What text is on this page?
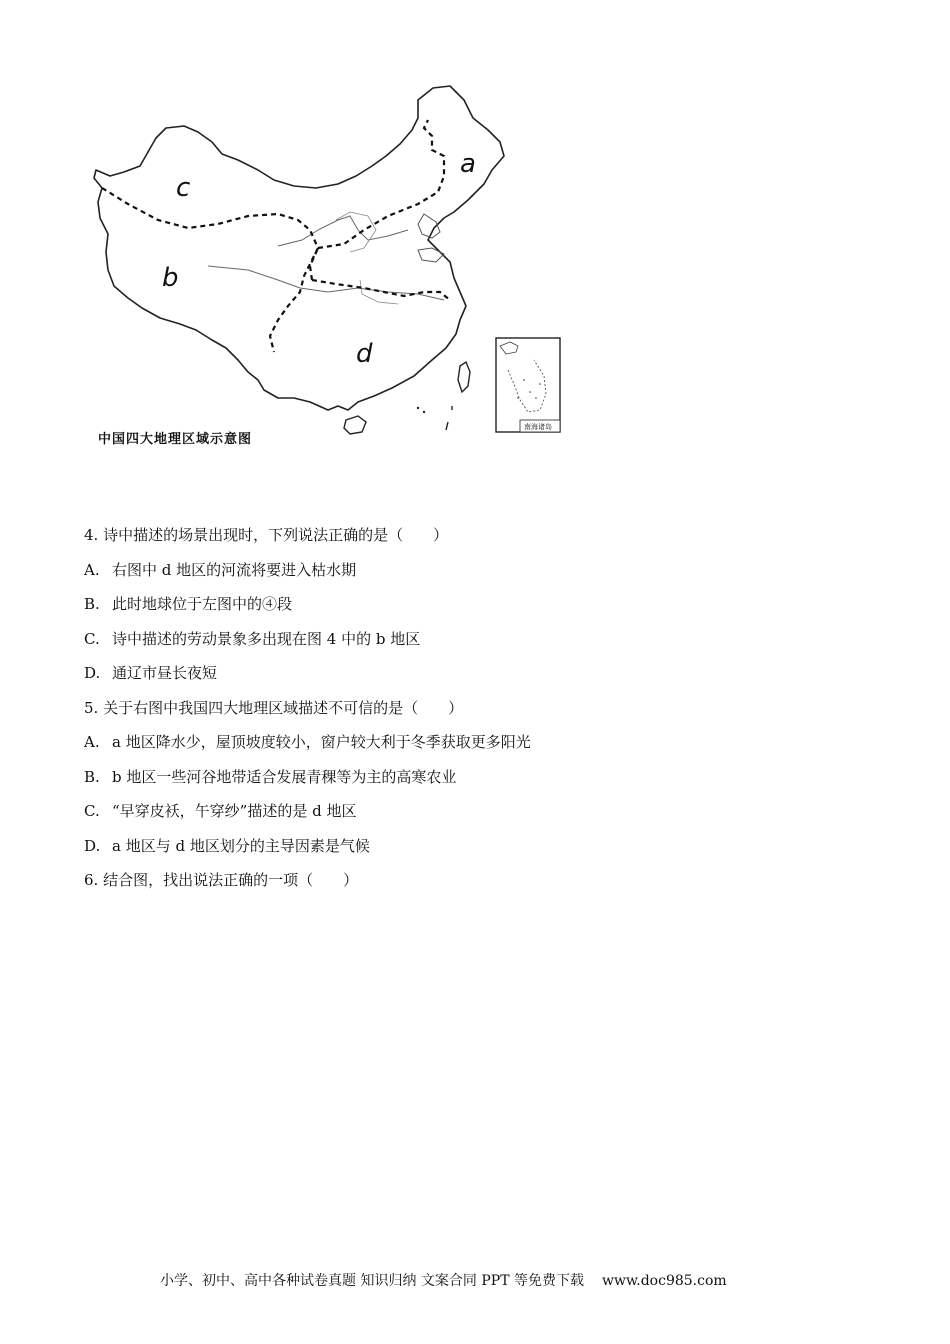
a
c
b
d
南海诸岛
中国四大地理区域示意图
4. 诗中描述的场景出现时，下列说法正确的是（　　）
A. 右图中 d 地区的河流将要进入枯水期
B. 此时地球位于左图中的④段
C. 诗中描述的劳动景象多出现在图 4 中的 b 地区
D. 通辽市昼长夜短
5. 关于右图中我国四大地理区域描述不可信的是（　　）
A. a 地区降水少，屋顶坡度较小，窗户较大利于冬季获取更多阳光
B. b 地区一些河谷地带适合发展青稞等为主的高寒农业
C. “早穿皮袄，午穿纱”描述的是 d 地区
D. a 地区与 d 地区划分的主导因素是气候
6. 结合图，找出说法正确的一项（　　）
小学、初中、高中各种试卷真题 知识归纳 文案合同 PPT 等免费下载 www.doc985.com
